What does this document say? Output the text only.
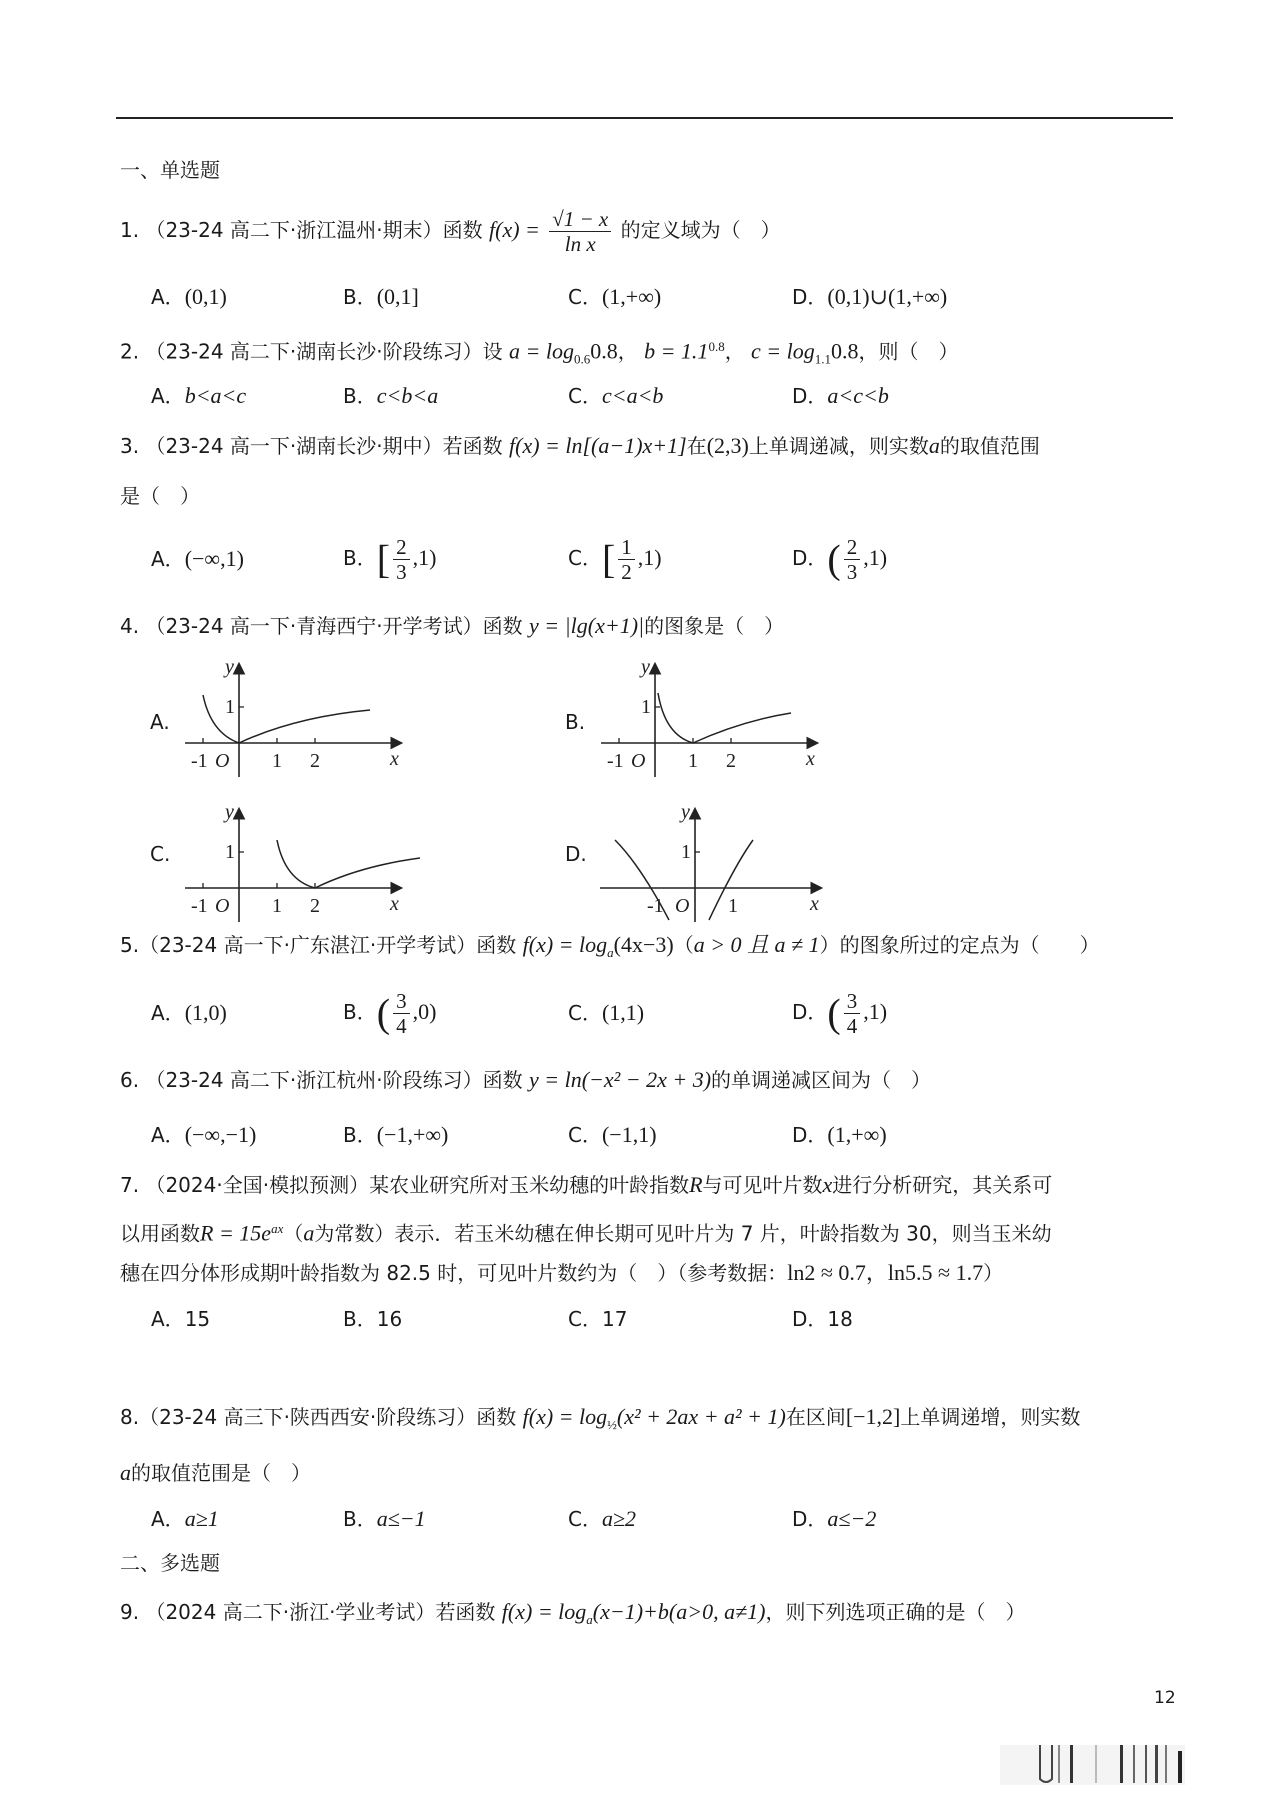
一、单选题
1. （23-24 高二下·浙江温州·期末）函数 $f(x) = \frac{√1 - x}{\text{ln x}}$ 的定义域为（　）
A．(0,1)	B．(0,1]	C．(1,+∞)	D．(0,1)∪(1,+∞)
2. （23-24 高二下·湖南长沙·阶段练习）设 $a = \log_{0.6}0.8$， $b = 1.1^{0.8}$， $c = \log_{1.1}0.8$，则（　）
A．b<a<c	B．c<b<a	C．c<a<b	D．a<c<b
3. （23-24 高一下·湖南长沙·期中）若函数 f(x) = ln[(a−1)x+1]在(2,3)上单调递减，则实数a的取值范围
是（　）
A．(−∞,1)	B．[ $\frac{2}{3} ,1$)	C．[ $\frac{1}{2} ,1$)	D．( $\frac{2}{3} ,1$)
4. （23-24 高一下·青海西宁·开学考试）函数 y = |lg(x+1)|的图象是（　）
A.
-1 O 1 2	x
y
1
B.
-1 O 1 2	x
y
1
C.
-1 O 1 2	x
y
1	D.
-1 O 1	x
y
1
5.（23-24 高一下·广东湛江·开学考试）函数 $f(x) = \log_a(4x-3)(a > 0$ 且 a ≠ 1）的图象所过的定点为（　　）
A．(1,0)	B．( $\frac{3}{4} ,0$)	C．(1,1)	D．( $\frac{3}{4} ,1$)
6. （23-24 高二下·浙江杭州·阶段练习）函数 y = ln(−x² − 2x + 3)的单调递减区间为（　）
A．(−∞,−1)	B．(−1,+∞)	C．(−1,1)	D．(1,+∞)
7. （2024·全国·模拟预测）某农业研究所对玉米幼穗的叶龄指数R与可见叶片数x进行分析研究，其关系可
以用函数$R = 15e^{ax}(a$为常数）表示．若玉米幼穗在伸长期可见叶片为 7 片，叶龄指数为 30，则当玉米幼
穗在四分体形成期叶龄指数为 82.5 时，可见叶片数约为（　）（参考数据：ln2 ≈ 0.7，ln5.5 ≈ 1.7）
A．15	B．16	C．17	D．18
8.（23-24 高三下·陕西西安·阶段练习）函数 $f(x) = \log_{\frac{1}{2}}(x^2 + 2ax + a^2 + 1)$在区间[−1,2]上单调递增，则实数
a的取值范围是（　）
A．a≥1	B．a≤−1	C．a≥2	D．a≤−2
二、多选题
9. （2024 高二下·浙江·学业考试）若函数 $f(x) = \log_a(x-1)+b(a>0$, a≠1)，则下列选项正确的是（　）
12
